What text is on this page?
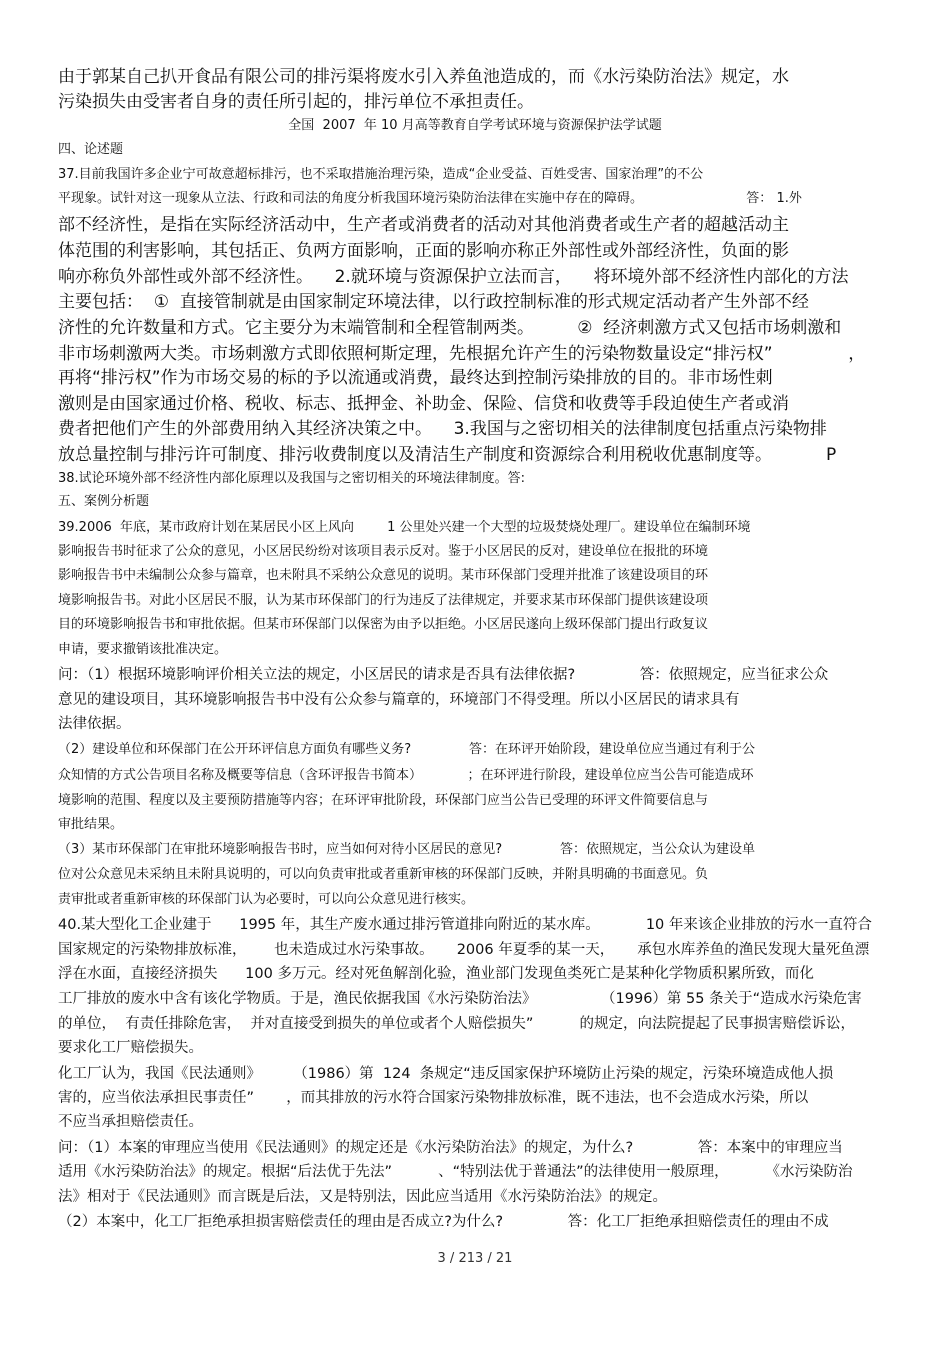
由于郭某自己扒开食品有限公司的排污渠将废水引入养鱼池造成的，而《水污染防治法》规定，水
污染损失由受害者自身的责任所引起的，排污单位不承担责任。
全国  2007  年 10 月高等教育自学考试环境与资源保护法学试题
四、论述题
37.目前我国许多企业宁可故意超标排污，也不采取措施治理污染，造成“企业受益、百姓受害、国家治理”的不公
平现象。试针对这一现象从立法、行政和司法的角度分析我国环境污染防治法律在实施中存在的障碍。                         答： 1.外
部不经济性，是指在实际经济活动中，生产者或消费者的活动对其他消费者或生产者的超越活动主
体范围的利害影响，其包括正、负两方面影响，正面的影响亦称正外部性或外部经济性，负面的影
响亦称负外部性或外部不经济性。    2.就环境与资源保护立法而言，    将环境外部不经济性内部化的方法
主要包括：  ①  直接管制就是由国家制定环境法律，以行政控制标准的形式规定活动者产生外部不经
济性的允许数量和方式。它主要分为末端管制和全程管制两类。        ②  经济刺激方式又包括市场刺激和
非市场刺激两大类。市场刺激方式即依照柯斯定理，先根据允许产生的污染物数量设定“排污权”              ，
再将“排污权”作为市场交易的标的予以流通或消费，最终达到控制污染排放的目的。非市场性刺
激则是由国家通过价格、税收、标志、抵押金、补助金、保险、信贷和收费等手段迫使生产者或消
费者把他们产生的外部费用纳入其经济决策之中。    3.我国与之密切相关的法律制度包括重点污染物排
放总量控制与排污许可制度、排污收费制度以及清洁生产制度和资源综合利用税收优惠制度等。          P
38.试论环境外部不经济性内部化原理以及我国与之密切相关的环境法律制度。答:
五、案例分析题
39.2006  年底，某市政府计划在某居民小区上风向        1 公里处兴建一个大型的垃圾焚烧处理厂。建设单位在编制环境
影响报告书时征求了公众的意见，小区居民纷纷对该项目表示反对。鉴于小区居民的反对，建设单位在报批的环境
影响报告书中未编制公众参与篇章，也未附具不采纳公众意见的说明。某市环保部门受理并批准了该建设项目的环
境影响报告书。对此小区居民不服，认为某市环保部门的行为违反了法律规定，并要求某市环保部门提供该建设项
目的环境影响报告书和审批依据。但某市环保部门以保密为由予以拒绝。小区居民遂向上级环保部门提出行政复议
申请，要求撤销该批准决定。
问：（1）根据环境影响评价相关立法的规定，小区居民的请求是否具有法律依据?              答：依照规定，应当征求公众
意见的建设项目，其环境影响报告书中没有公众参与篇章的，环境部门不得受理。所以小区居民的请求具有
法律依据。
（2）建设单位和环保部门在公开环评信息方面负有哪些义务?              答：在环评开始阶段，建设单位应当通过有利于公
众知情的方式公告项目名称及概要等信息（含环评报告书简本）           ；在环评进行阶段，建设单位应当公告可能造成环
境影响的范围、程度以及主要预防措施等内容；在环评审批阶段，环保部门应当公告已受理的环评文件简要信息与
审批结果。
（3）某市环保部门在审批环境影响报告书时，应当如何对待小区居民的意见?              答：依照规定，当公众认为建设单
位对公众意见未采纳且未附具说明的，可以向负责审批或者重新审核的环保部门反映，并附具明确的书面意见。负
责审批或者重新审核的环保部门认为必要时，可以向公众意见进行核实。
40.某大型化工企业建于      1995 年，其生产废水通过排污管道排向附近的某水库。          10 年来该企业排放的污水一直符合
国家规定的污染物排放标准，      也未造成过水污染事故。     2006 年夏季的某一天，     承包水库养鱼的渔民发现大量死鱼漂
浮在水面，直接经济损失      100 多万元。经对死鱼解剖化验，渔业部门发现鱼类死亡是某种化学物质积累所致，而化
工厂排放的废水中含有该化学物质。于是，渔民依据我国《水污染防治法》              （1996）第 55 条关于“造成水污染危害
的单位，  有责任排除危害，  并对直接受到损失的单位或者个人赔偿损失”          的规定，向法院提起了民事损害赔偿诉讼，
要求化工厂赔偿损失。
化工厂认为，我国《民法通则》       （1986）第  124  条规定“违反国家保护环境防止污染的规定，污染环境造成他人损
害的，应当依法承担民事责任”       ，而其排放的污水符合国家污染物排放标准，既不违法，也不会造成水污染，所以
不应当承担赔偿责任。
问：（1）本案的审理应当使用《民法通则》的规定还是《水污染防治法》的规定，为什么?              答：本案中的审理应当
适用《水污染防治法》的规定。根据“后法优于先法”          、“特别法优于普通法”的法律使用一般原理，        《水污染防治
法》相对于《民法通则》而言既是后法，又是特别法，因此应当适用《水污染防治法》的规定。
（2）本案中，化工厂拒绝承担损害赔偿责任的理由是否成立?为什么?              答：化工厂拒绝承担赔偿责任的理由不成
3 / 213 / 21
